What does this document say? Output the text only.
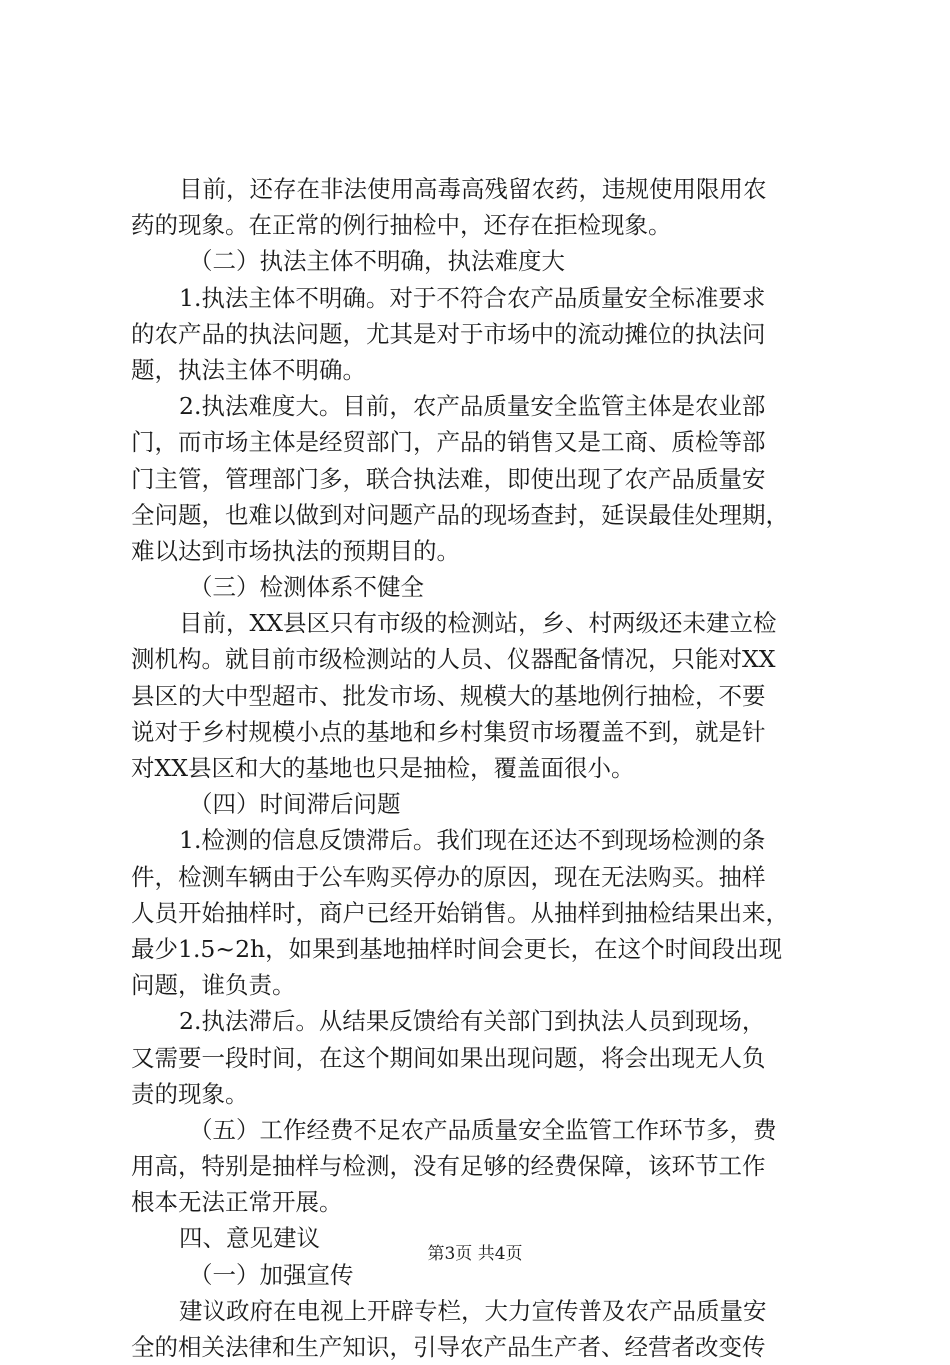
目前，还存在非法使用高毒高残留农药，违规使用限用农
药的现象。在正常的例行抽检中，还存在拒检现象。
（二）执法主体不明确，执法难度大
1.执法主体不明确。对于不符合农产品质量安全标准要求
的农产品的执法问题，尤其是对于市场中的流动摊位的执法问
题，执法主体不明确。
2.执法难度大。目前，农产品质量安全监管主体是农业部
门，而市场主体是经贸部门，产品的销售又是工商、质检等部
门主管，管理部门多，联合执法难，即使出现了农产品质量安
全问题，也难以做到对问题产品的现场查封，延误最佳处理期，
难以达到市场执法的预期目的。
（三）检测体系不健全
目前，XX县区只有市级的检测站，乡、村两级还未建立检
测机构。就目前市级检测站的人员、仪器配备情况，只能对XX
县区的大中型超市、批发市场、规模大的基地例行抽检，不要
说对于乡村规模小点的基地和乡村集贸市场覆盖不到，就是针
对XX县区和大的基地也只是抽检，覆盖面很小。
（四）时间滞后问题
1.检测的信息反馈滞后。我们现在还达不到现场检测的条
件，检测车辆由于公车购买停办的原因，现在无法购买。抽样
人员开始抽样时，商户已经开始销售。从抽样到抽检结果出来，
最少1.5~2h，如果到基地抽样时间会更长，在这个时间段出现
问题，谁负责。
2.执法滞后。从结果反馈给有关部门到执法人员到现场，
又需要一段时间，在这个期间如果出现问题，将会出现无人负
责的现象。
（五）工作经费不足农产品质量安全监管工作环节多，费
用高，特别是抽样与检测，没有足够的经费保障，该环节工作
根本无法正常开展。
四、意见建议
（一）加强宣传
建议政府在电视上开辟专栏，大力宣传普及农产品质量安
全的相关法律和生产知识，引导农产品生产者、经营者改变传
第3页 共4页
